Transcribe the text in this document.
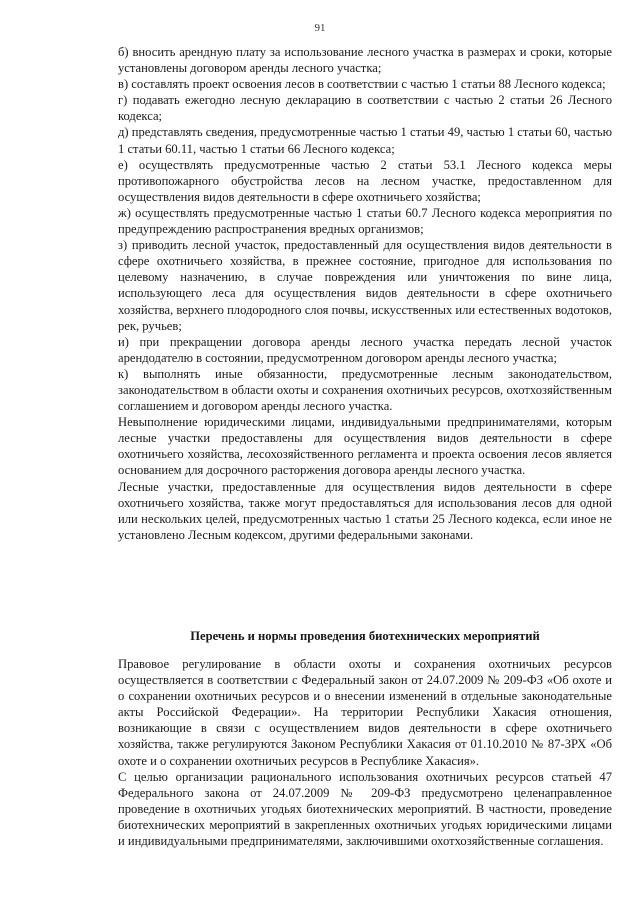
91

б) вносить арендную плату за использование лесного участка в размерах и сроки, которые установлены договором аренды лесного участка;

в) составлять проект освоения лесов в соответствии с частью 1 статьи 88 Лесного кодекса;

г) подавать ежегодно лесную декларацию в соответствии с частью 2 статьи 26 Лесного кодекса;

д) представлять сведения, предусмотренные частью 1 статьи 49, частью 1 статьи 60, частью 1 статьи 60.11, частью 1 статьи 66 Лесного кодекса;

е) осуществлять предусмотренные частью 2 статьи 53.1 Лесного кодекса меры противопожарного обустройства лесов на лесном участке, предоставленном для осуществления видов деятельности в сфере охотничьего хозяйства;

ж) осуществлять предусмотренные частью 1 статьи 60.7 Лесного кодекса мероприятия по предупреждению распространения вредных организмов;

з) приводить лесной участок, предоставленный для осуществления видов деятельности в сфере охотничьего хозяйства, в прежнее состояние, пригодное для использования по целевому назначению, в случае повреждения или уничтожения по вине лица, использующего леса для осуществления видов деятельности в сфере охотничьего хозяйства, верхнего плодородного слоя почвы, искусственных или естественных водотоков, рек, ручьев;

и) при прекращении договора аренды лесного участка передать лесной участок арендодателю в состоянии, предусмотренном договором аренды лесного участка;

к) выполнять иные обязанности, предусмотренные лесным законодательством, законодательством в области охоты и сохранения охотничьих ресурсов, охотхозяйственным соглашением и договором аренды лесного участка.

Невыполнение юридическими лицами, индивидуальными предпринимателями, которым лесные участки предоставлены для осуществления видов деятельности в сфере охотничьего хозяйства, лесохозяйственного регламента и проекта освоения лесов является основанием для досрочного расторжения договора аренды лесного участка.

Лесные участки, предоставленные для осуществления видов деятельности в сфере охотничьего хозяйства, также могут предоставляться для использования лесов для одной или нескольких целей, предусмотренных частью 1 статьи 25 Лесного кодекса, если иное не установлено Лесным кодексом, другими федеральными законами.

Перечень и нормы проведения биотехнических мероприятий

Правовое регулирование в области охоты и сохранения охотничьих ресурсов осуществляется в соответствии с Федеральный закон от 24.07.2009 № 209-ФЗ «Об охоте и о сохранении охотничьих ресурсов и о внесении изменений в отдельные законодательные акты Российской Федерации». На территории Республики Хакасия отношения, возникающие в связи с осуществлением видов деятельности в сфере охотничьего хозяйства, также регулируются Законом Республики Хакасия от 01.10.2010 № 87-ЗРХ «Об охоте и о сохранении охотничьих ресурсов в Республике Хакасия».

С целью организации рационального использования охотничьих ресурсов статьей 47 Федерального закона от 24.07.2009 № 209-ФЗ предусмотрено целенаправленное проведение в охотничьих угодьях биотехнических мероприятий. В частности, проведение биотехнических мероприятий в закрепленных охотничьих угодьях юридическими лицами и индивидуальными предпринимателями, заключившими охотхозяйственные соглашения.
